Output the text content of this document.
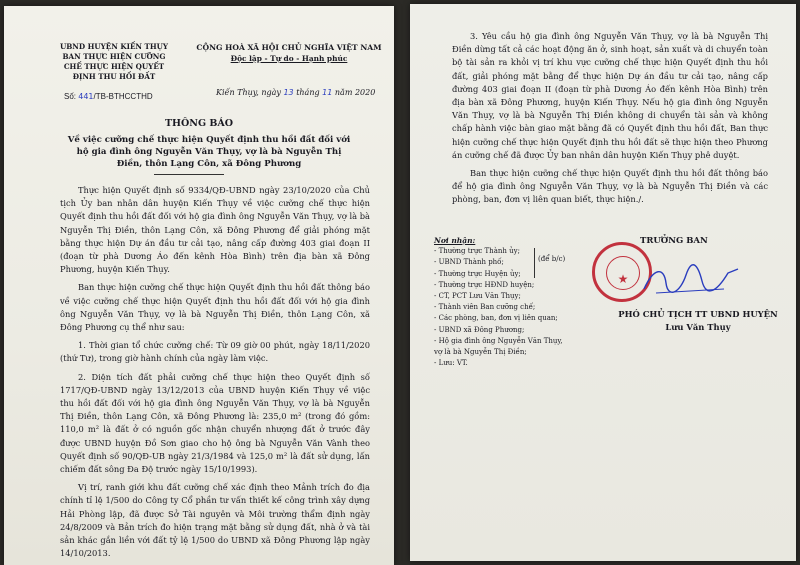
UBND HUYỆN KIẾN THỤY
BAN THỰC HIỆN CƯỠNG
CHẾ THỰC HIỆN QUYẾT
ĐỊNH THU HỒI ĐẤT
CỘNG HOÀ XÃ HỘI CHỦ NGHĨA VIỆT NAM
Độc lập - Tự do - Hạnh phúc
Số: 441/TB-BTHCCTHD	Kiến Thụy, ngày 13 tháng 11 năm 2020
THÔNG BÁO
Về việc cưỡng chế thực hiện Quyết định thu hồi đất đối với hộ gia đình ông Nguyễn Văn Thụy, vợ là bà Nguyễn Thị Điền, thôn Lạng Côn, xã Đông Phương

Thực hiện Quyết định số 9334/QĐ-UBND ngày 23/10/2020 của Chủ tịch Ủy ban nhân dân huyện Kiến Thụy về việc cưỡng chế thực hiện Quyết định thu hồi đất đối với hộ gia đình ông Nguyễn Văn Thụy, vợ là bà Nguyễn Thị Điền, thôn Lạng Côn, xã Đông Phương để giải phóng mặt bằng thực hiện Dự án đầu tư cải tạo, nâng cấp đường 403 giai đoạn II (đoạn từ phà Dương Áo đến kênh Hòa Bình) trên địa bàn xã Đông Phương, huyện Kiến Thụy.

Ban thực hiện cưỡng chế thực hiện Quyết định thu hồi đất thông báo về việc cưỡng chế thực hiện Quyết định thu hồi đất đối với hộ gia đình ông Nguyễn Văn Thụy, vợ là bà Nguyễn Thị Điền, thôn Lạng Côn, xã Đông Phương cụ thể như sau:

1. Thời gian tổ chức cưỡng chế: Từ 09 giờ 00 phút, ngày 18/11/2020 (thứ Tư), trong giờ hành chính của ngày làm việc.

2. Diện tích đất phải cưỡng chế thực hiện theo Quyết định số 1717/QĐ-UBND ngày 13/12/2013 của UBND huyện Kiến Thụy về việc thu hồi đất đối với hộ gia đình ông Nguyễn Văn Thụy, vợ là bà Nguyễn Thị Điền, thôn Lạng Côn, xã Đông Phương là: 235,0 m² (trong đó gồm: 110,0 m² là đất ở có nguồn gốc nhận chuyển nhượng đất ở trước đây được UBND huyện Đồ Sơn giao cho hộ ông bà Nguyễn Văn Vành theo Quyết định số 90/QĐ-UB ngày 21/3/1984 và 125,0 m² là đất sử dụng, lấn chiếm đất sông Đa Độ trước ngày 15/10/1993).

Vị trí, ranh giới khu đất cưỡng chế xác định theo Mảnh trích đo địa chính tỉ lệ 1/500 do Công ty Cổ phần tư vấn thiết kế công trình xây dựng Hải Phòng lập, đã được Sở Tài nguyên và Môi trường thẩm định ngày 24/8/2009 và Bản trích đo hiện trạng mặt bằng sử dụng đất, nhà ở và tài sản khác gắn liền với đất tỷ lệ 1/500 do UBND xã Đông Phương lập ngày 14/10/2013.

3. Yêu cầu hộ gia đình ông Nguyễn Văn Thụy, vợ là bà Nguyễn Thị Điền dừng tất cả các hoạt động ăn ở, sinh hoạt, sản xuất và di chuyển toàn bộ tài sản ra khỏi vị trí khu vực cưỡng chế thực hiện Quyết định thu hồi đất, giải phóng mặt bằng để thực hiện Dự án đầu tư cải tạo, nâng cấp đường 403 giai đoạn II (đoạn từ phà Dương Áo đến kênh Hòa Bình) trên địa bàn xã Đông Phương, huyện Kiến Thụy. Nếu hộ gia đình ông Nguyễn Văn Thụy, vợ là bà Nguyễn Thị Điền không di chuyển tài sản và không chấp hành việc bàn giao mặt bằng đã có Quyết định thu hồi đất, Ban thực hiện cưỡng chế thực hiện Quyết định thu hồi đất sẽ thực hiện theo Phương án cưỡng chế đã được Ủy ban nhân dân huyện Kiến Thụy phê duyệt.

Ban thực hiện cưỡng chế thực hiện Quyết định thu hồi đất thông báo để hộ gia đình ông Nguyễn Văn Thụy, vợ là bà Nguyễn Thị Điền và các phòng, ban, đơn vị liên quan biết, thực hiện./.

Nơi nhận:
- Thường trực Thành ủy;
- UBND Thành phố;
- Thường trực Huyện ủy;
- Thường trực HĐND huyện;
- CT, PCT Lưu Văn Thụy;
- Thành viên Ban cưỡng chế;
- Các phòng, ban, đơn vị liên quan;
- UBND xã Đông Phương;
- Hộ gia đình ông Nguyễn Văn Thụy,
vợ là bà Nguyễn Thị Điền;
- Lưu: VT.
(để b/c)
TRƯỞNG BAN
★
PHÓ CHỦ TỊCH TT UBND HUYỆN
Lưu Văn Thụy
